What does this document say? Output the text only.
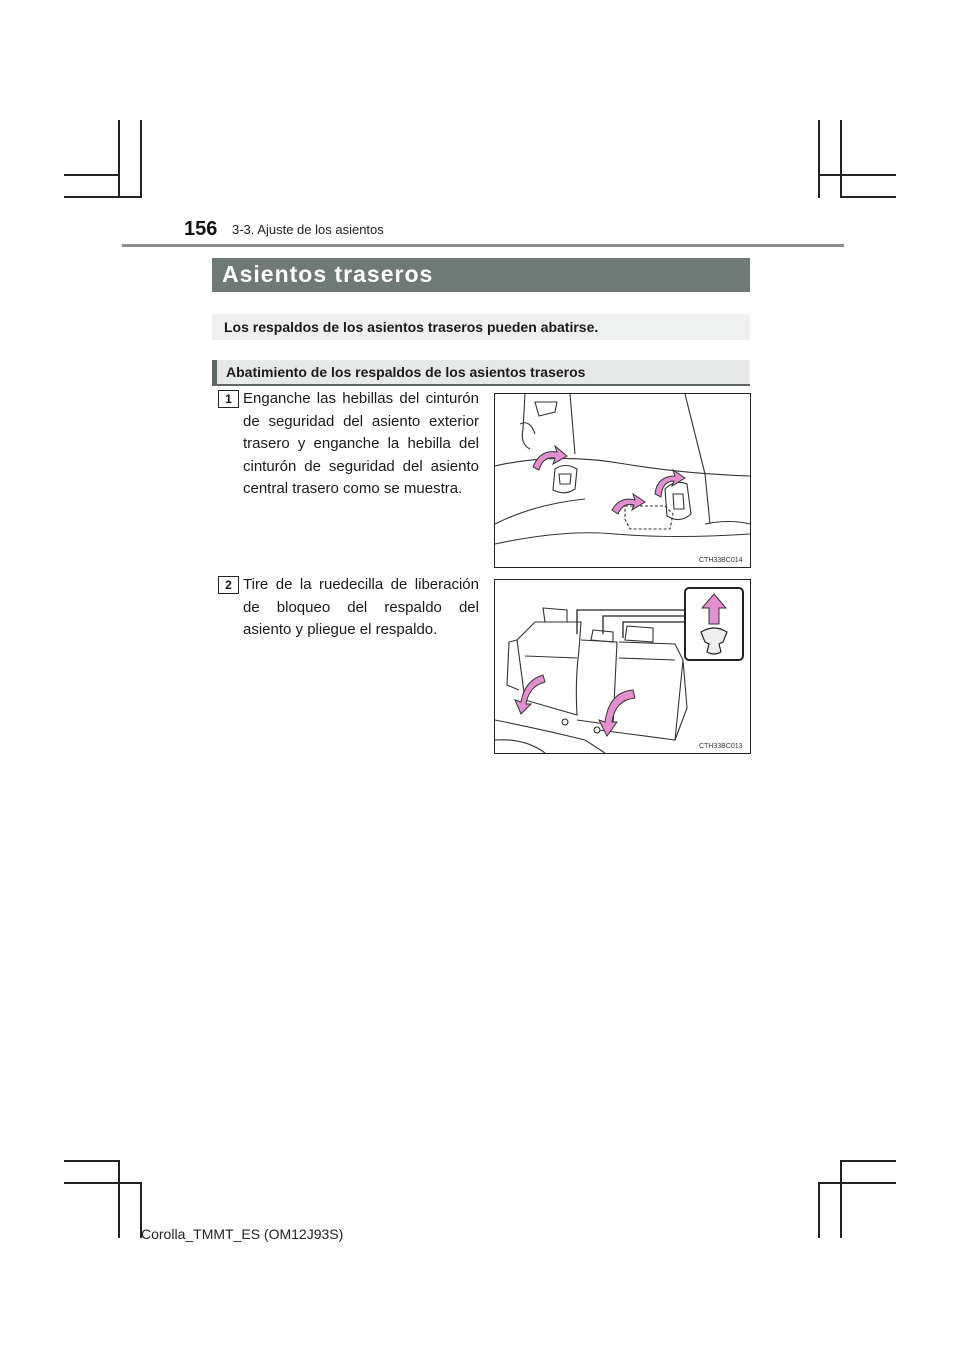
156 3-3. Ajuste de los asientos
Asientos traseros
Los respaldos de los asientos traseros pueden abatirse.
Abatimiento de los respaldos de los asientos traseros
1 Enganche las hebillas del cinturón de seguridad del asiento exterior trasero y enganche la hebilla del cinturón de seguridad del asiento central trasero como se muestra.
CTH33BC014
2 Tire de la ruedecilla de liberación de bloqueo del respaldo del asiento y pliegue el respaldo.
CTH33BC013
Corolla_TMMT_ES (OM12J93S)
